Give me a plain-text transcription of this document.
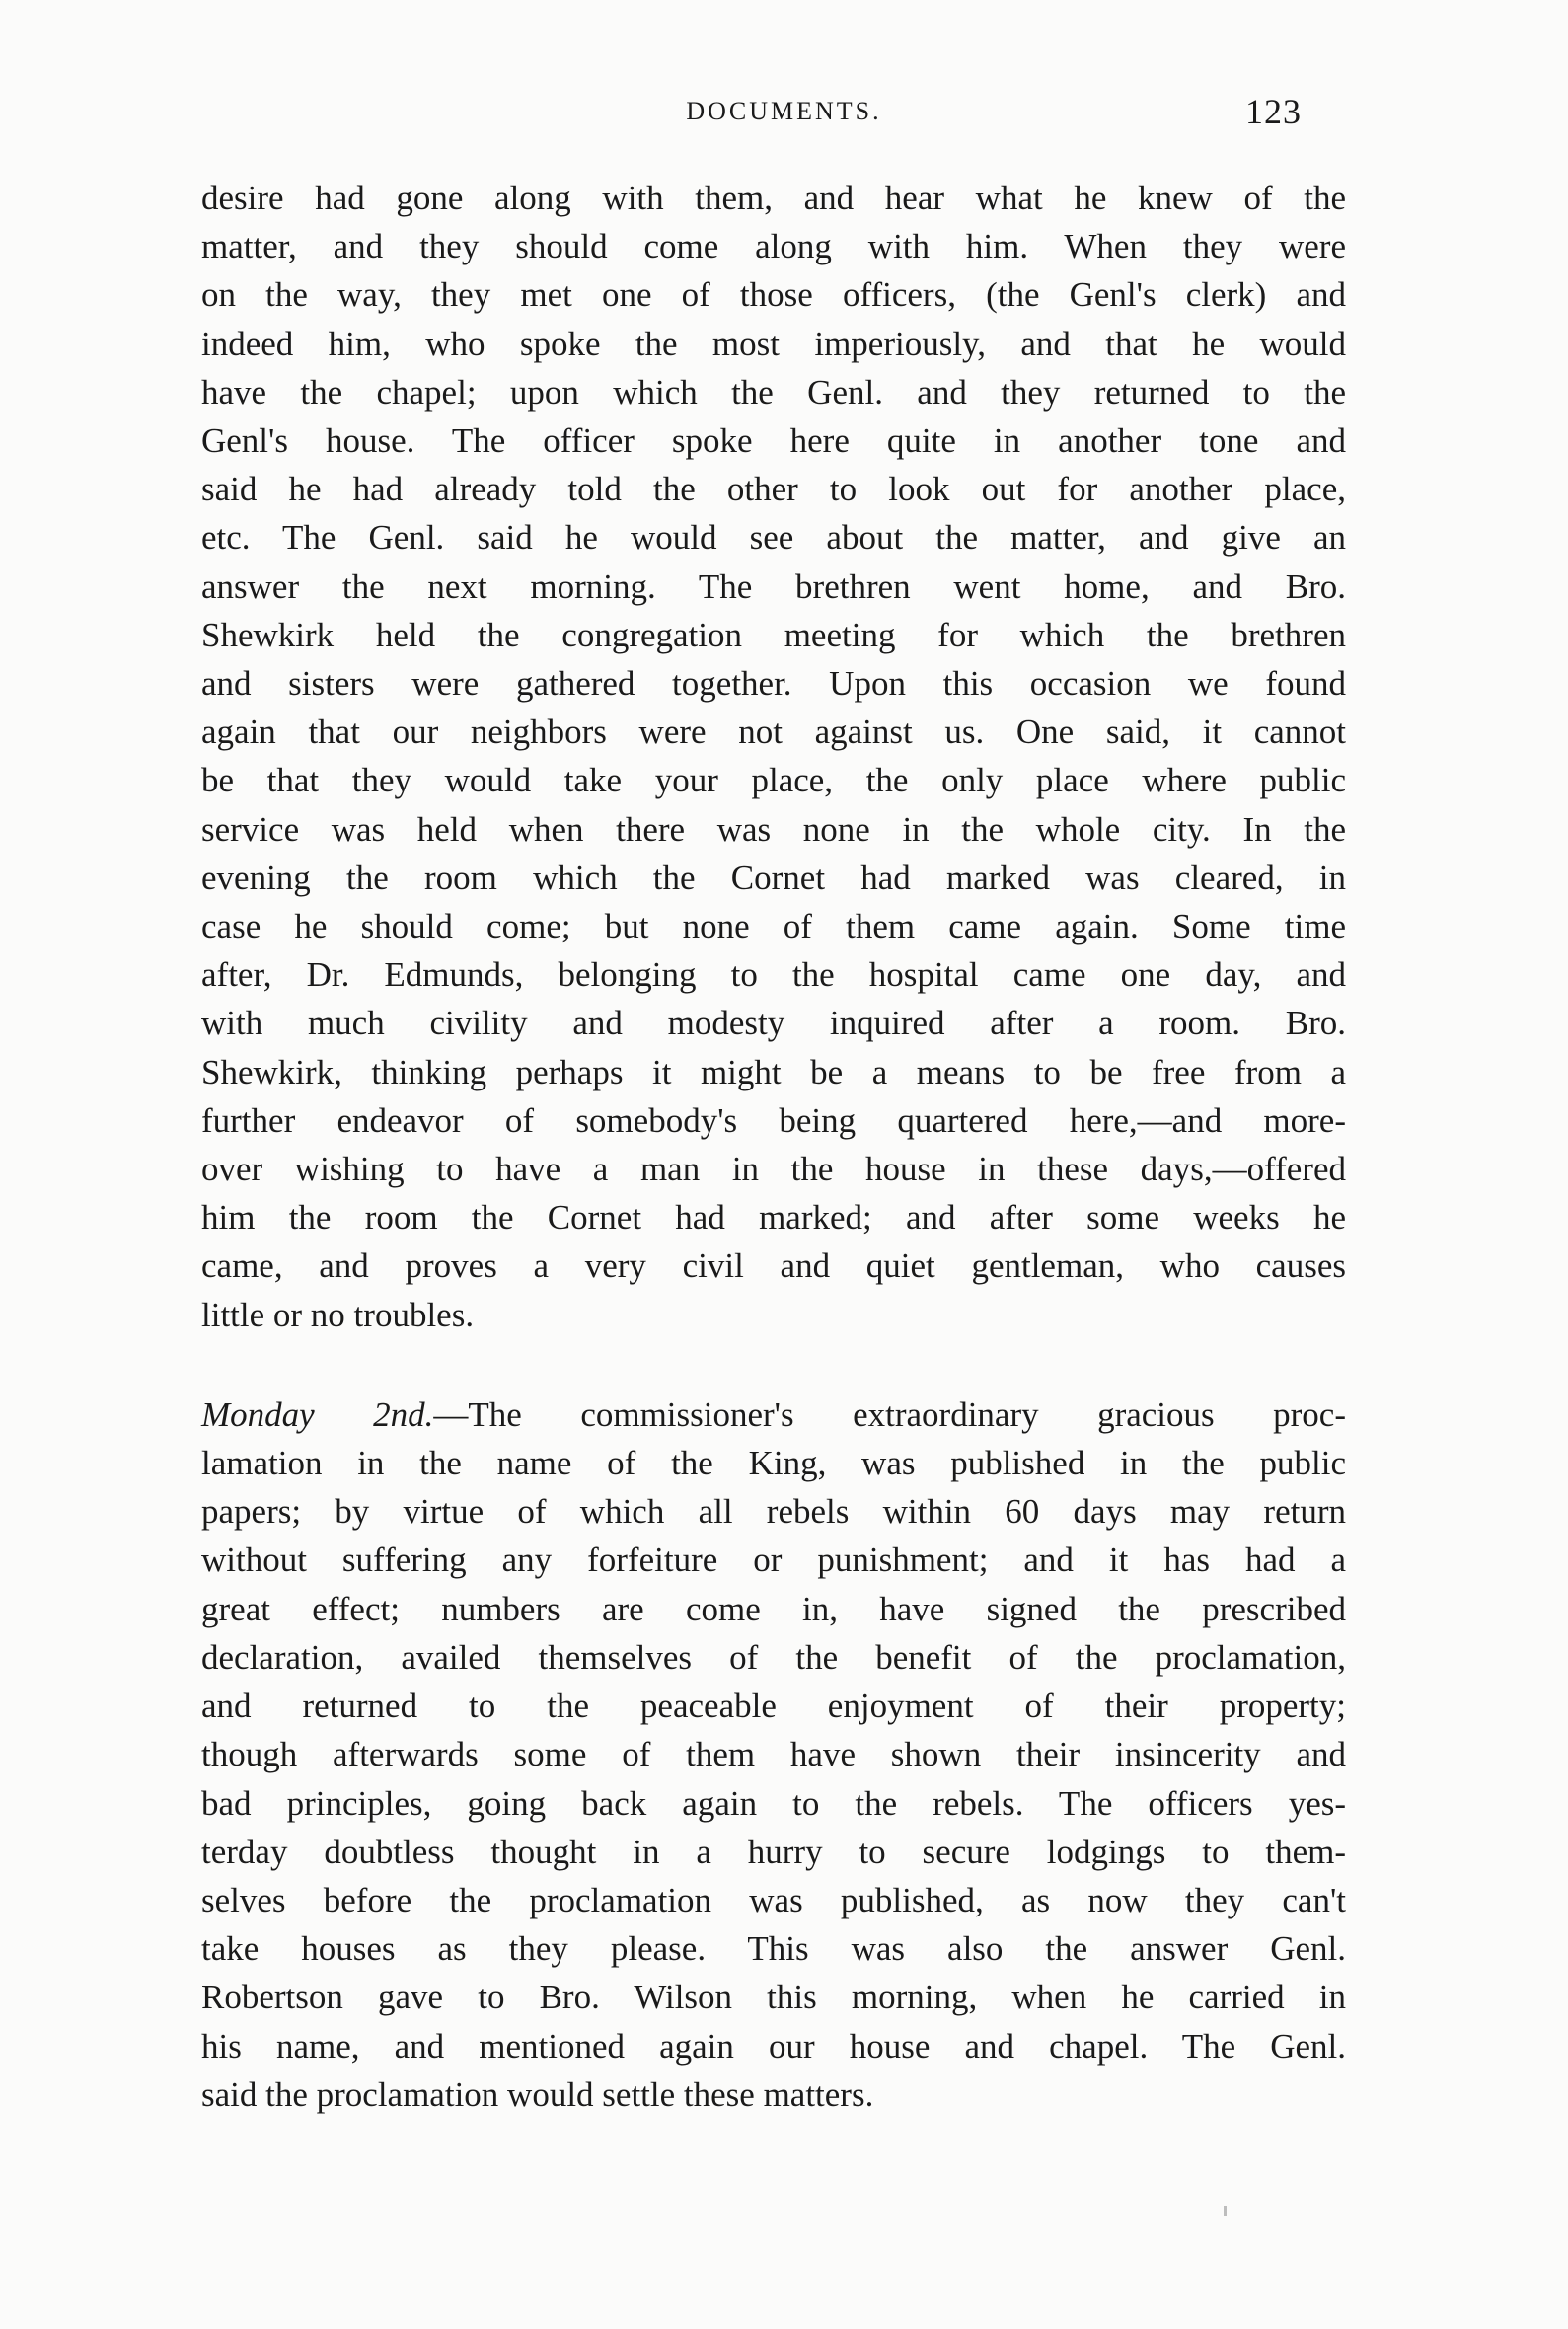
DOCUMENTS.	123
desire had gone along with them, and hear what he knew of the
matter, and they should come along with him. When they were
on the way, they met one of those officers, (the Genl's clerk) and
indeed him, who spoke the most imperiously, and that he would
have the chapel; upon which the Genl. and they returned to the
Genl's house. The officer spoke here quite in another tone and
said he had already told the other to look out for another place,
etc. The Genl. said he would see about the matter, and give an
answer the next morning. The brethren went home, and Bro.
Shewkirk held the congregation meeting for which the brethren
and sisters were gathered together. Upon this occasion we found
again that our neighbors were not against us. One said, it cannot
be that they would take your place, the only place where public
service was held when there was none in the whole city. In the
evening the room which the Cornet had marked was cleared, in
case he should come; but none of them came again. Some time
after, Dr. Edmunds, belonging to the hospital came one day, and
with much civility and modesty inquired after a room. Bro.
Shewkirk, thinking perhaps it might be a means to be free from a
further endeavor of somebody's being quartered here,—and more-
over wishing to have a man in the house in these days,—offered
him the room the Cornet had marked; and after some weeks he
came, and proves a very civil and quiet gentleman, who causes
little or no troubles.
Monday 2nd.—The commissioner's extraordinary gracious proc-
lamation in the name of the King, was published in the public
papers; by virtue of which all rebels within 60 days may return
without suffering any forfeiture or punishment; and it has had a
great effect; numbers are come in, have signed the prescribed
declaration, availed themselves of the benefit of the proclamation,
and returned to the peaceable enjoyment of their property;
though afterwards some of them have shown their insincerity and
bad principles, going back again to the rebels. The officers yes-
terday doubtless thought in a hurry to secure lodgings to them-
selves before the proclamation was published, as now they can't
take houses as they please. This was also the answer Genl.
Robertson gave to Bro. Wilson this morning, when he carried in
his name, and mentioned again our house and chapel. The Genl.
said the proclamation would settle these matters.
